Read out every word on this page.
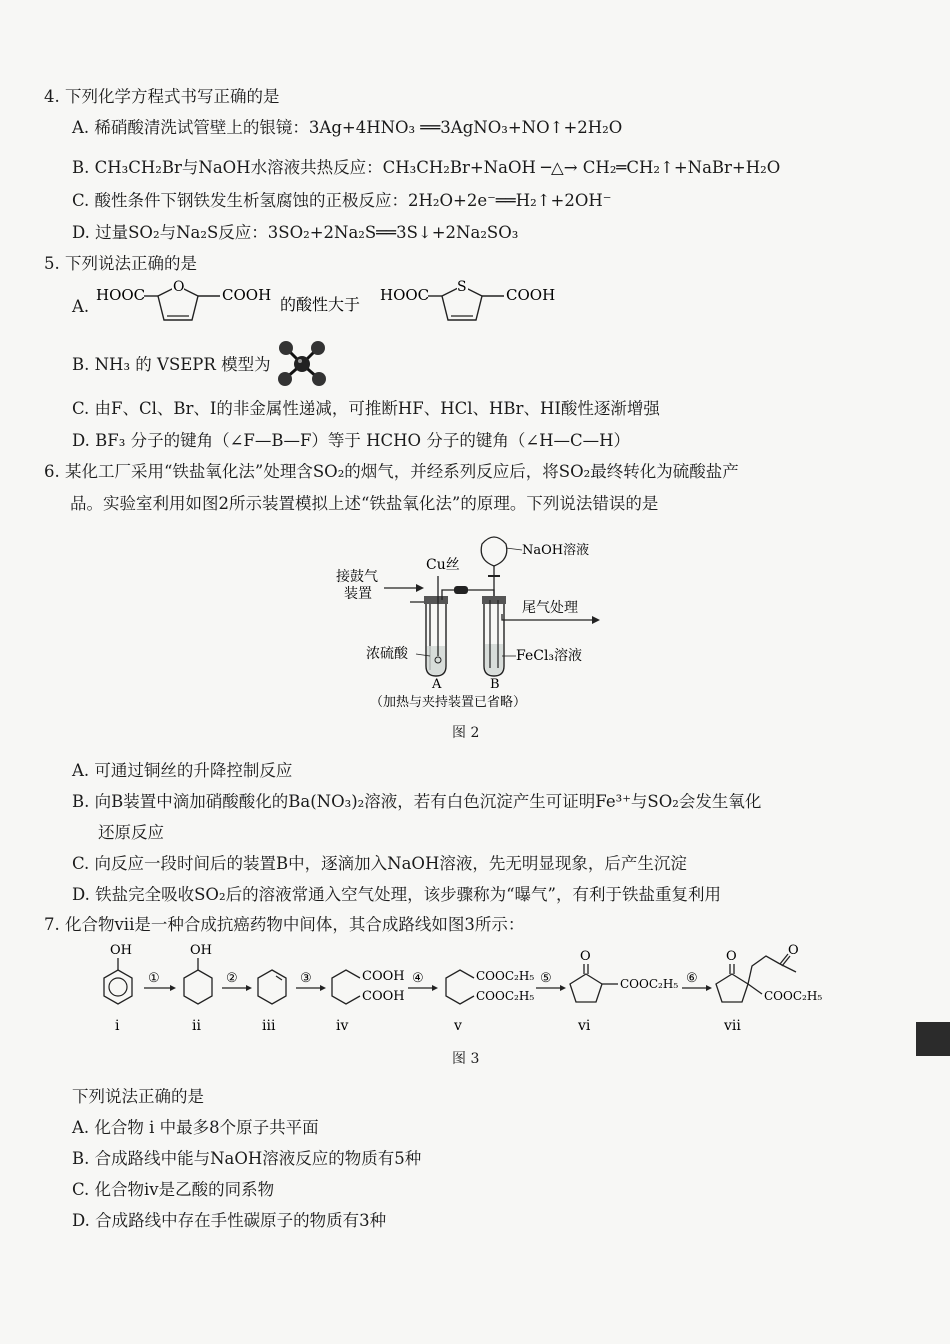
4. 下列化学方程式书写正确的是
A. 稀硝酸清洗试管壁上的银镜：3Ag+4HNO₃ ══3AgNO₃+NO↑+2H₂O
B. CH₃CH₂Br与NaOH水溶液共热反应：CH₃CH₂Br+NaOH ─△→ CH₂═CH₂↑+NaBr+H₂O
C. 酸性条件下钢铁发生析氢腐蚀的正极反应：2H₂O+2e⁻══H₂↑+2OH⁻
D. 过量SO₂与Na₂S反应：3SO₂+2Na₂S══3S↓+2Na₂SO₃
5. 下列说法正确的是
A.
HOOC O	COOH 的酸性大于 HOOC S	COOH
B. NH₃ 的 VSEPR 模型为
C. 由F、Cl、Br、I的非金属性递减，可推断HF、HCl、HBr、HI酸性逐渐增强
D. BF₃ 分子的键角（∠F—B—F）等于 HCHO 分子的键角（∠H—C—H）
6. 某化工厂采用“铁盐氧化法”处理含SO₂的烟气，并经系列反应后，将SO₂最终转化为硫酸盐产
品。实验室利用如图2所示装置模拟上述“铁盐氧化法”的原理。下列说法错误的是
接鼓气
装置
Cu丝
NaOH溶液
尾气处理
浓硫酸	FeCl₃溶液
A	B
（加热与夹持装置已省略）
图 2
A. 可通过铜丝的升降控制反应
B. 向B装置中滴加硝酸酸化的Ba(NO₃)₂溶液，若有白色沉淀产生可证明Fe³⁺与SO₂会发生氧化
还原反应
C. 向反应一段时间后的装置B中，逐滴加入NaOH溶液，先无明显现象，后产生沉淀
D. 铁盐完全吸收SO₂后的溶液常通入空气处理，该步骤称为“曝气”，有利于铁盐重复利用
7. 化合物vii是一种合成抗癌药物中间体，其合成路线如图3所示：
OH
i
①
OH
ii
②
iii
③	COOH
COOH
iv
④	COOC₂H₅
COOC₂H₅
v
⑤
O
COOC₂H₅
vi
⑥
O	O
COOC₂H₅
vii
图 3
下列说法正确的是
A. 化合物 i 中最多8个原子共平面
B. 合成路线中能与NaOH溶液反应的物质有5种
C. 化合物iv是乙酸的同系物
D. 合成路线中存在手性碳原子的物质有3种
